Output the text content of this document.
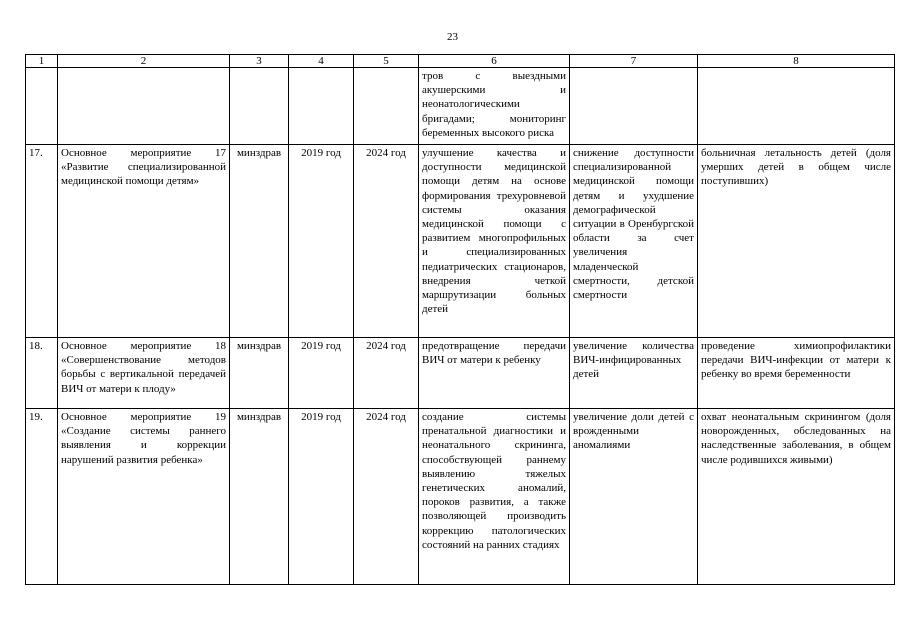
23
1	2	3	4	5	6	7	8
					тров с выездными акушерскими и неонатологическими бригадами; мониторинг беременных высокого риска		
17.	Основное мероприятие 17 «Развитие специализированной медицинской помощи детям»	минздрав	2019 год	2024 год	улучшение качества и доступности медицинской помощи детям на основе формирования трехуровневой системы оказания медицинской помощи с развитием многопрофильных и специализированных педиатрических стационаров, внедрения четкой маршрутизации больных детей	снижение доступности специализированной медицинской помощи детям и ухудшение демографической ситуации в Оренбургской области за счет увеличения младенческой смертности, детской смертности	больничная летальность детей (доля умерших детей в общем числе поступивших)
18.	Основное мероприятие 18 «Совершенствование методов борьбы с вертикальной передачей ВИЧ от матери к плоду»	минздрав	2019 год	2024 год	предотвращение передачи ВИЧ от матери к ребенку	увеличение количества ВИЧ-инфицированных детей	проведение химиопрофилактики передачи ВИЧ-инфекции от матери к ребенку во время беременности
19.	Основное мероприятие 19 «Создание системы раннего выявления и коррекции нарушений развития ребенка»	минздрав	2019 год	2024 год	создание системы пренатальной диагностики и неонатального скрининга, способствующей раннему выявлению тяжелых генетических аномалий, пороков развития, а также позволяющей производить коррекцию патологических состояний на ранних стадиях	увеличение доли детей с врожденными аномалиями	охват неонатальным скринингом (доля новорожденных, обследованных на наследственные заболевания, в общем числе родившихся живыми)
